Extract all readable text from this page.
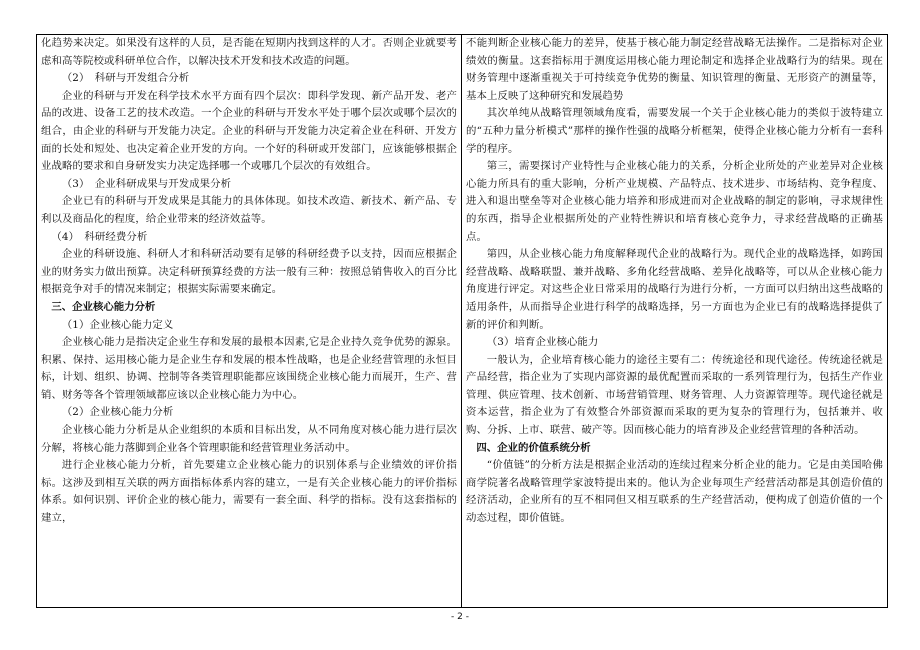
化趋势来决定。如果没有这样的人员，是否能在短期内找到这样的人才。否则企业就要考虑和高等院校或科研单位合作，以解决技术开发和技术改造的问题。

（2）　科研与开发组合分析

企业的科研与开发在科学技术水平方面有四个层次：即科学发现、新产品开发、老产品的改进、设备工艺的技术改造。一个企业的科研与开发水平处于哪个层次或哪个层次的组合，由企业的科研与开发能力决定。企业的科研与开发能力决定着企业在科研、开发方面的长处和短处、也决定着企业开发的方向。一个好的科研或开发部门，应该能够根据企业战略的要求和自身研发实力决定选择哪一个或哪几个层次的有效组合。

（3）　企业科研成果与开发成果分析

企业已有的科研与开发成果是其能力的具体体现。如技术改造、新技术、新产品、专利以及商品化的程度，给企业带来的经济效益等。

（4）　科研经费分析

企业的科研设施、科研人才和科研活动要有足够的科研经费予以支持，因而应根据企业的财务实力做出预算。决定科研预算经费的方法一般有三种：按照总销售收入的百分比根据竞争对手的情况来制定；根据实际需要来确定。

三、企业核心能力分析

（1）企业核心能力定义

企业核心能力是指决定企业生存和发展的最根本因素,它是企业持久竞争优势的源泉。积累、保持、运用核心能力是企业生存和发展的根本性战略，也是企业经营管理的永恒目标，计划、组织、协调、控制等各类管理职能都应该围绕企业核心能力而展开，生产、营销、财务等各个管理领域都应该以企业核心能力为中心。

（2）企业核心能力分析

企业核心能力分析是从企业组织的本质和目标出发，从不同角度对核心能力进行层次分解，将核心能力落脚到企业各个管理职能和经营管理业务活动中。

进行企业核心能力分析，首先要建立企业核心能力的识别体系与企业绩效的评价指标。这涉及到相互关联的两方面指标体系内容的建立，一是有关企业核心能力的评价指标体系。如何识别、评价企业的核心能力，需要有一套全面、科学的指标。没有这套指标的建立，

不能判断企业核心能力的差异，使基于核心能力制定经营战略无法操作。二是指标对企业绩效的衡量。这套指标用于测度运用核心能力理论制定和选择企业战略行为的结果。现在财务管理中逐渐重视关于可持续竞争优势的衡量、知识管理的衡量、无形资产的测量等，基本上反映了这种研究和发展趋势

其次单纯从战略管理领域角度看，需要发展一个关于企业核心能力的类似于波特建立的“五种力量分析模式”那样的操作性强的战略分析框架，使得企业核心能力分析有一套科学的程序。

第三，需要探讨产业特性与企业核心能力的关系，分析企业所处的产业差异对企业核心能力所具有的重大影响，分析产业规模、产品特点、技术进步、市场结构、竞争程度、进入和退出壁垒等对企业核心能力培养和形成进而对企业战略的制定的影响，寻求规律性的东西，指导企业根据所处的产业特性辨识和培育核心竞争力，寻求经营战略的正确基点。

第四，从企业核心能力角度解释现代企业的战略行为。现代企业的战略选择，如跨国经营战略、战略联盟、兼并战略、多角化经营战略、差异化战略等，可以从企业核心能力角度进行评定。对这些企业日常采用的战略行为进行分析，一方面可以归纳出这些战略的适用条件，从而指导企业进行科学的战略选择，另一方面也为企业已有的战略选择提供了新的评价和判断。

（3）培育企业核心能力

一般认为，企业培育核心能力的途径主要有二：传统途径和现代途径。传统途径就是产品经营，指企业为了实现内部资源的最优配置而采取的一系列管理行为，包括生产作业管理、供应管理、技术创新、市场营销管理、财务管理、人力资源管理等。现代途径就是资本运营，指企业为了有效整合外部资源而采取的更为复杂的管理行为，包括兼并、收购、分拆、上市、联营、破产等。因而核心能力的培育涉及企业经营管理的各种活动。

四、企业的价值系统分析

“价值链”的分析方法是根据企业活动的连续过程来分析企业的能力。它是由美国哈佛商学院著名战略管理学家波特提出来的。他认为企业每项生产经营活动都是其创造价值的经济活动，企业所有的互不相同但又相互联系的生产经营活动，便构成了创造价值的一个动态过程，即价值链。

- 2 -
